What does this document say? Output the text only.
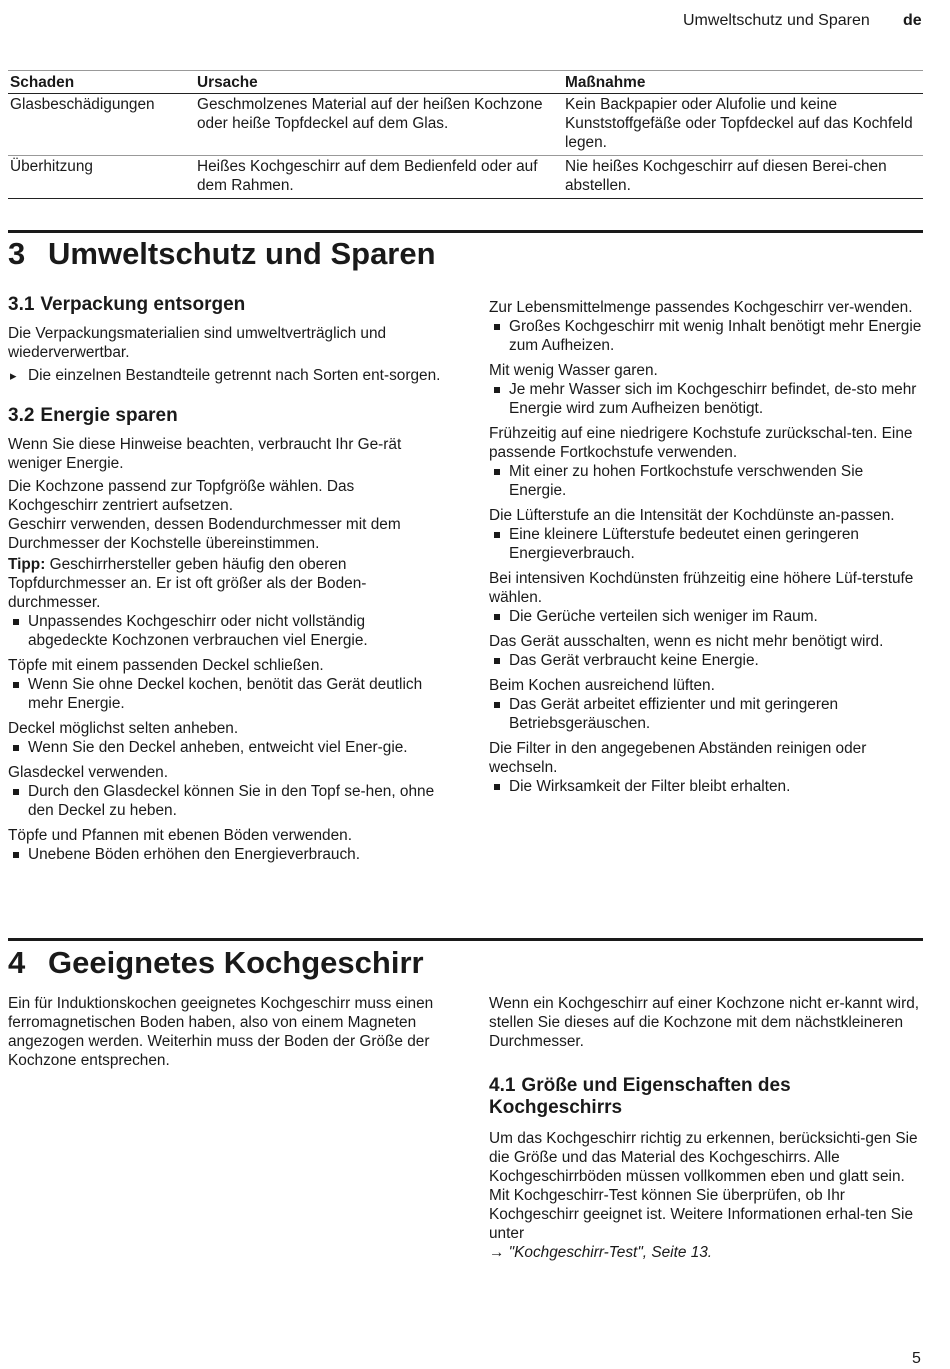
Umweltschutz und Sparen de
Schaden	Ursache	Maßnahme
Glasbeschädigungen	Geschmolzenes Material auf der heißen Kochzone oder heiße Topfdeckel auf dem Glas.	Kein Backpapier oder Alufolie und keine Kunststoffgefäße oder Topfdeckel auf das Kochfeld legen.
Überhitzung	Heißes Kochgeschirr auf dem Bedienfeld oder auf dem Rahmen.	Nie heißes Kochgeschirr auf diesen Berei-chen abstellen.
3 Umweltschutz und Sparen
3.1 Verpackung entsorgen

Die Verpackungsmaterialien sind umweltverträglich und wiederverwertbar.

▸ Die einzelnen Bestandteile getrennt nach Sorten ent-sorgen.
3.2 Energie sparen

Wenn Sie diese Hinweise beachten, verbraucht Ihr Ge-rät weniger Energie.

Die Kochzone passend zur Topfgröße wählen. Das Kochgeschirr zentriert aufsetzen.

Geschirr verwenden, dessen Bodendurchmesser mit dem Durchmesser der Kochstelle übereinstimmen.

Tipp: Geschirrhersteller geben häufig den oberen Topfdurchmesser an. Er ist oft größer als der Boden-durchmesser.

Unpassendes Kochgeschirr oder nicht vollständig abgedeckte Kochzonen verbrauchen viel Energie.

Töpfe mit einem passenden Deckel schließen.

Wenn Sie ohne Deckel kochen, benötit das Gerät deutlich mehr Energie.

Deckel möglichst selten anheben.

Wenn Sie den Deckel anheben, entweicht viel Ener-gie.

Glasdeckel verwenden.

Durch den Glasdeckel können Sie in den Topf se-hen, ohne den Deckel zu heben.

Töpfe und Pfannen mit ebenen Böden verwenden.

Unebene Böden erhöhen den Energieverbrauch.

Zur Lebensmittelmenge passendes Kochgeschirr ver-wenden.

Großes Kochgeschirr mit wenig Inhalt benötigt mehr Energie zum Aufheizen.

Mit wenig Wasser garen.

Je mehr Wasser sich im Kochgeschirr befindet, de-sto mehr Energie wird zum Aufheizen benötigt.

Frühzeitig auf eine niedrigere Kochstufe zurückschal-ten. Eine passende Fortkochstufe verwenden.

Mit einer zu hohen Fortkochstufe verschwenden Sie Energie.

Die Lüfterstufe an die Intensität der Kochdünste an-passen.

Eine kleinere Lüfterstufe bedeutet einen geringeren Energieverbrauch.

Bei intensiven Kochdünsten frühzeitig eine höhere Lüf-terstufe wählen.

Die Gerüche verteilen sich weniger im Raum.

Das Gerät ausschalten, wenn es nicht mehr benötigt wird.

Das Gerät verbraucht keine Energie.

Beim Kochen ausreichend lüften.

Das Gerät arbeitet effizienter und mit geringeren Betriebsgeräuschen.

Die Filter in den angegebenen Abständen reinigen oder wechseln.

Die Wirksamkeit der Filter bleibt erhalten.
4 Geeignetes Kochgeschirr

Ein für Induktionskochen geeignetes Kochgeschirr muss einen ferromagnetischen Boden haben, also von einem Magneten angezogen werden. Weiterhin muss der Boden der Größe der Kochzone entsprechen.

Wenn ein Kochgeschirr auf einer Kochzone nicht er-kannt wird, stellen Sie dieses auf die Kochzone mit dem nächstkleineren Durchmesser.

4.1 Größe und Eigenschaften des Kochgeschirrs

Um das Kochgeschirr richtig zu erkennen, berücksichti-gen Sie die Größe und das Material des Kochgeschirrs. Alle Kochgeschirrböden müssen vollkommen eben und glatt sein.

Mit Kochgeschirr-Test können Sie überprüfen, ob Ihr Kochgeschirr geeignet ist. Weitere Informationen erhal-ten Sie unter

→ "Kochgeschirr-Test", Seite 13.

5
